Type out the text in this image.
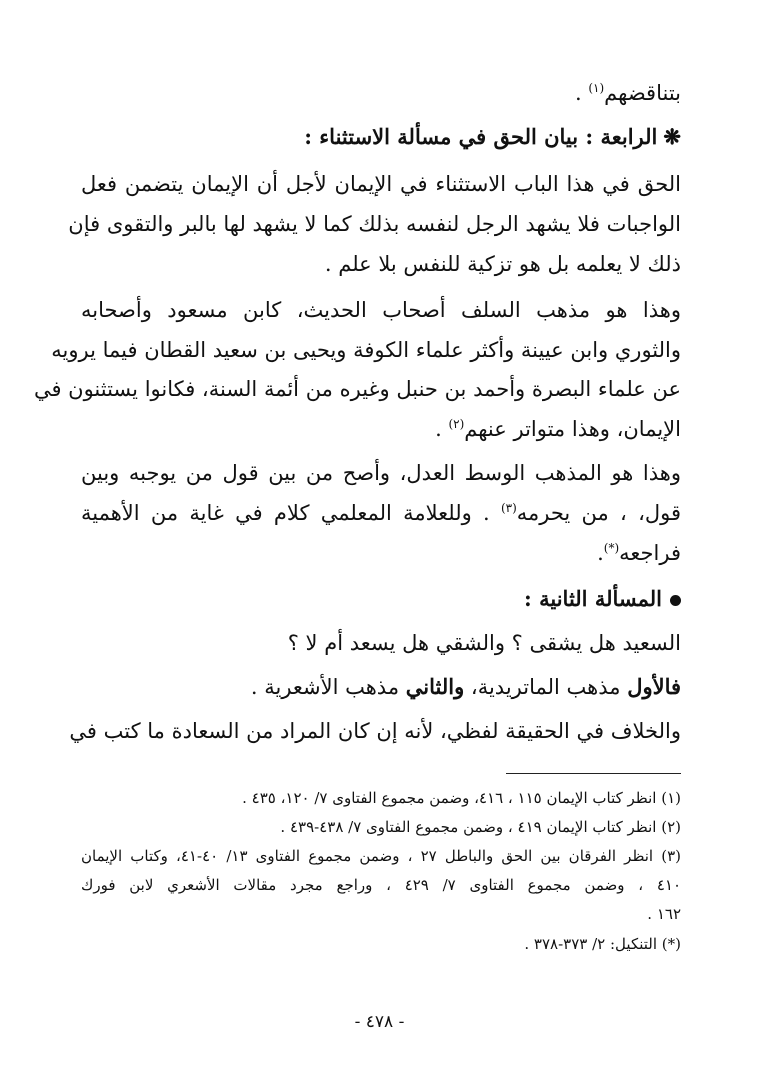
بتناقضهم$^{(١)}$ .
❋الرابعة : بيان الحق في مسألة الاستثناء :
الحق في هذا الباب الاستثناء في الإيمان لأجل أن الإيمان يتضمن فعل
الواجبات فلا يشهد الرجل لنفسه بذلك كما لا يشهد لها بالبر والتقوى فإن
ذلك لا يعلمه بل هو تزكية للنفس بلا علم .
وهذا هو مذهب السلف أصحاب الحديث، كابن مسعود وأصحابه
والثوري وابن عيينة وأكثر علماء الكوفة ويحيى بن سعيد القطان فيما يرويه
عن علماء البصرة وأحمد بن حنبل وغيره من أئمة السنة، فكانوا يستثنون في
الإيمان، وهذا متواتر عنهم$^{(٢)}$ .
وهذا هو المذهب الوسط العدل، وأصح من بين قول من يوجبه وبين
قول، ، من يحرمه$^{(٣)}$ . وللعلامة المعلمي كلام في غاية من الأهمية
فراجعه(*).
المسألة الثانية :
السعيد هل يشقى ؟ والشقي هل يسعد أم لا ؟
فالأول مذهب الماتريدية، والثاني مذهب الأشعرية .
والخلاف في الحقيقة لفظي، لأنه إن كان المراد من السعادة ما كتب في
(١) انظر كتاب الإيمان ١١٥ ، ٤١٦، وضمن مجموع الفتاوى ٧/ ١٢٠، ٤٣٥ .
(٢) انظر كتاب الإيمان ٤١٩ ، وضمن مجموع الفتاوى ٧/ ٤٣٨-٤٣٩ .
(٣) انظر الفرقان بين الحق والباطل ٢٧ ، وضمن مجموع الفتاوى ١٣/ ٤٠-٤١، وكتاب الإيمان
٤١٠ ، وضمن مجموع الفتاوى ٧/ ٤٢٩ ، وراجع مجرد مقالات الأشعري لابن فورك
١٦٢ .
(*) التنكيل: ٢/ ٣٧٣-٣٧٨ .
- ٤٧٨ -
